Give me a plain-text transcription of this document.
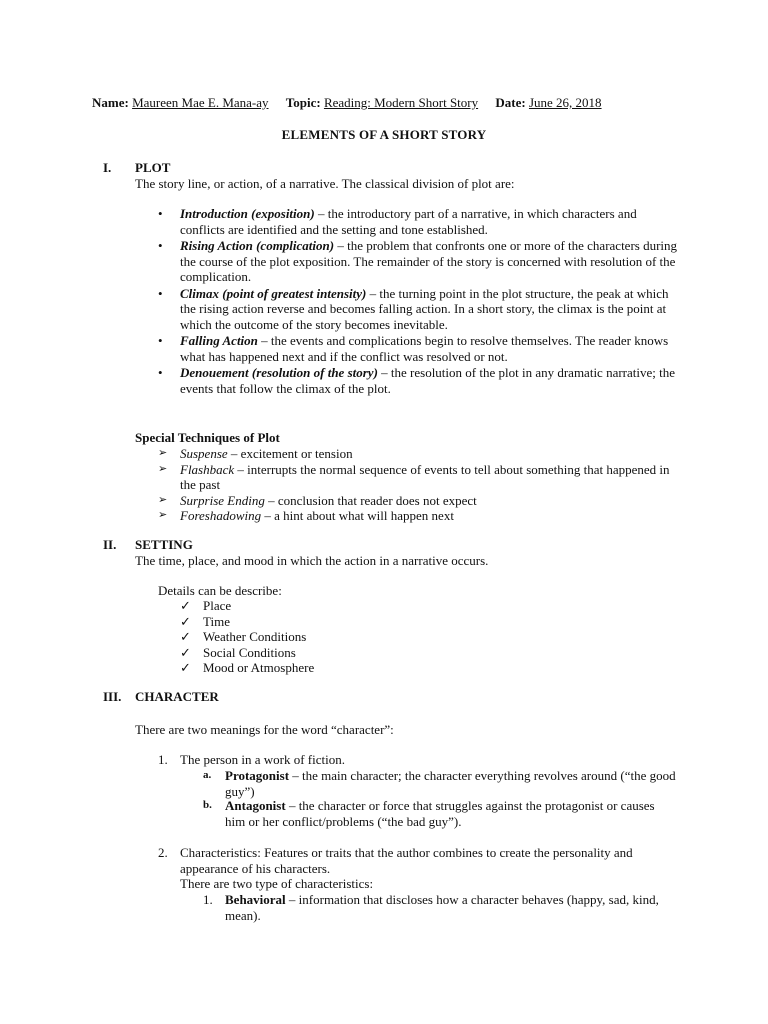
Name: Maureen Mae E. Mana-ay Topic: Reading: Modern Short Story Date: June 26, 2018
ELEMENTS OF A SHORT STORY
I. PLOT
The story line, or action, of a narrative. The classical division of plot are:
• Introduction (exposition) – the introductory part of a narrative, in which characters and conflicts are identified and the setting and tone established.
• Rising Action (complication) – the problem that confronts one or more of the characters during the course of the plot exposition. The remainder of the story is concerned with resolution of the complication.
• Climax (point of greatest intensity) – the turning point in the plot structure, the peak at which the rising action reverse and becomes falling action. In a short story, the climax is the point at which the outcome of the story becomes inevitable.
• Falling Action – the events and complications begin to resolve themselves. The reader knows what has happened next and if the conflict was resolved or not.
• Denouement (resolution of the story) – the resolution of the plot in any dramatic narrative; the events that follow the climax of the plot.
Special Techniques of Plot
➢ Suspense – excitement or tension
➢ Flashback – interrupts the normal sequence of events to tell about something that happened in the past
➢ Surprise Ending – conclusion that reader does not expect
➢ Foreshadowing – a hint about what will happen next
II. SETTING
The time, place, and mood in which the action in a narrative occurs.
Details can be describe:
✓ Place
✓ Time
✓ Weather Conditions
✓ Social Conditions
✓ Mood or Atmosphere
III. CHARACTER
There are two meanings for the word “character”:
1. The person in a work of fiction.
a. Protagonist – the main character; the character everything revolves around (“the good guy”)
b. Antagonist – the character or force that struggles against the protagonist or causes him or her conflict/problems (“the bad guy”).
2. Characteristics: Features or traits that the author combines to create the personality and appearance of his characters.
There are two type of characteristics:
1. Behavioral – information that discloses how a character behaves (happy, sad, kind, mean).
